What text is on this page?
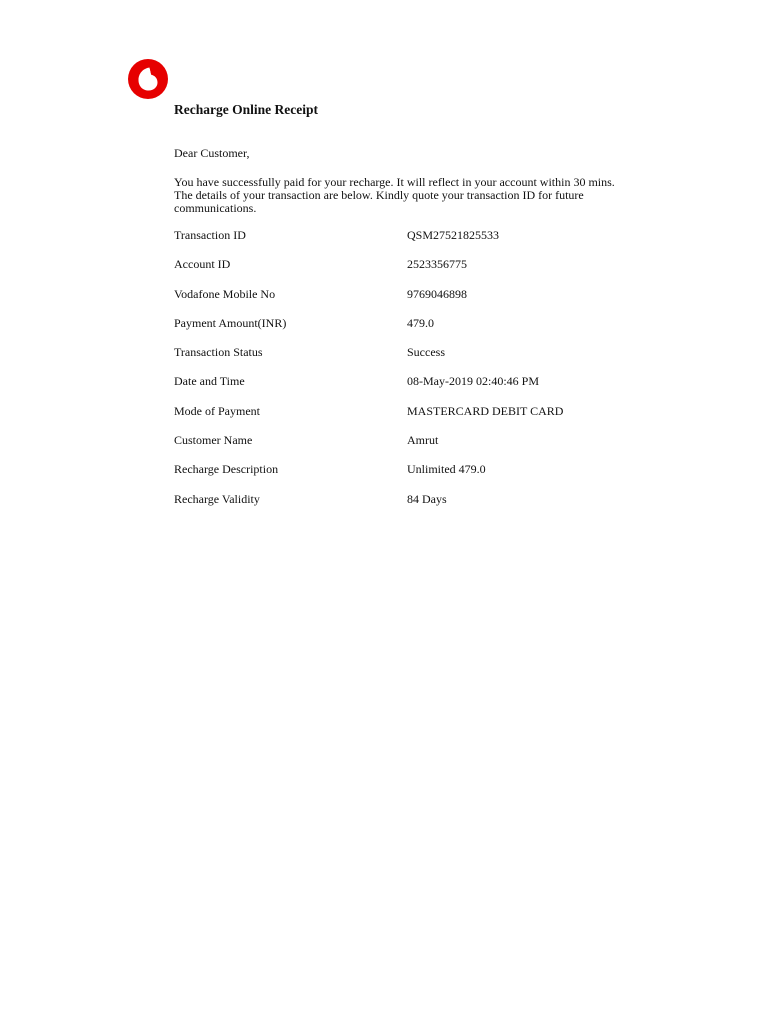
Recharge Online Receipt
Dear Customer,

You have successfully paid for your recharge. It will reflect in your account within 30 mins. The details of your transaction are below. Kindly quote your transaction ID for future communications.

Transaction ID	QSM27521825533
Account ID	2523356775
Vodafone Mobile No	9769046898
Payment Amount(INR)	479.0
Transaction Status	Success
Date and Time	08-May-2019 02:40:46 PM
Mode of Payment	MASTERCARD DEBIT CARD
Customer Name	Amrut
Recharge Description	Unlimited 479.0
Recharge Validity	84 Days
